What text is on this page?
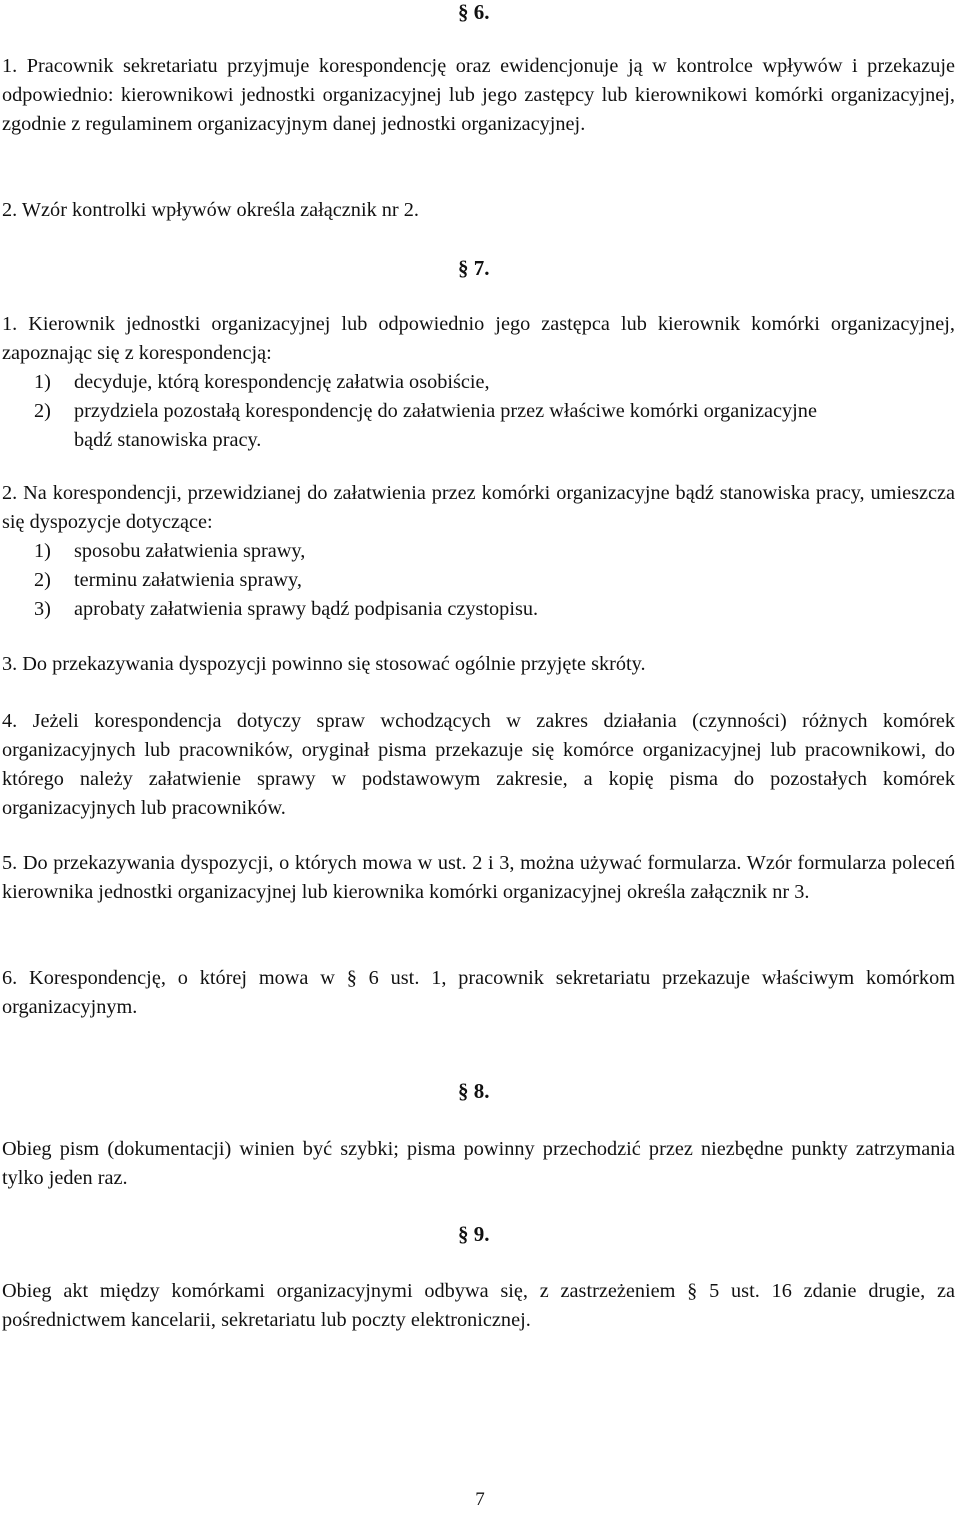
§ 6.

1. Pracownik sekretariatu przyjmuje korespondencję oraz ewidencjonuje ją w kontrolce wpływów i przekazuje odpowiednio: kierownikowi jednostki organizacyjnej lub jego zastępcy lub kierownikowi komórki organizacyjnej, zgodnie z regulaminem organizacyjnym danej jednostki organizacyjnej.

2. Wzór kontrolki wpływów określa załącznik nr 2.

§ 7.

1. Kierownik jednostki organizacyjnej lub odpowiednio jego zastępca lub kierownik komórki organizacyjnej, zapoznając się z korespondencją:

1) decyduje, którą korespondencję załatwia osobiście,
2) przydziela pozostałą korespondencję do załatwienia przez właściwe komórki organizacyjne bądź stanowiska pracy.

2. Na korespondencji, przewidzianej do załatwienia przez komórki organizacyjne bądź stanowiska pracy, umieszcza się dyspozycje dotyczące:

1) sposobu załatwienia sprawy,
2) terminu załatwienia sprawy,
3) aprobaty załatwienia sprawy bądź podpisania czystopisu.

3. Do przekazywania dyspozycji powinno się stosować ogólnie przyjęte skróty.

4. Jeżeli korespondencja dotyczy spraw wchodzących w zakres działania (czynności) różnych komórek organizacyjnych lub pracowników, oryginał pisma przekazuje się komórce organizacyjnej lub pracownikowi, do którego należy załatwienie sprawy w podstawowym zakresie, a kopię pisma do pozostałych komórek organizacyjnych lub pracowników.

5. Do przekazywania dyspozycji, o których mowa w ust. 2 i 3, można używać formularza. Wzór formularza poleceń kierownika jednostki organizacyjnej lub kierownika komórki organizacyjnej określa załącznik nr 3.

6. Korespondencję, o której mowa w § 6 ust. 1, pracownik sekretariatu przekazuje właściwym komórkom organizacyjnym.

§ 8.

Obieg pism (dokumentacji) winien być szybki; pisma powinny przechodzić przez niezbędne punkty zatrzymania tylko jeden raz.

§ 9.

Obieg akt między komórkami organizacyjnymi odbywa się, z zastrzeżeniem § 5 ust. 16 zdanie drugie, za pośrednictwem kancelarii, sekretariatu lub poczty elektronicznej.

7
